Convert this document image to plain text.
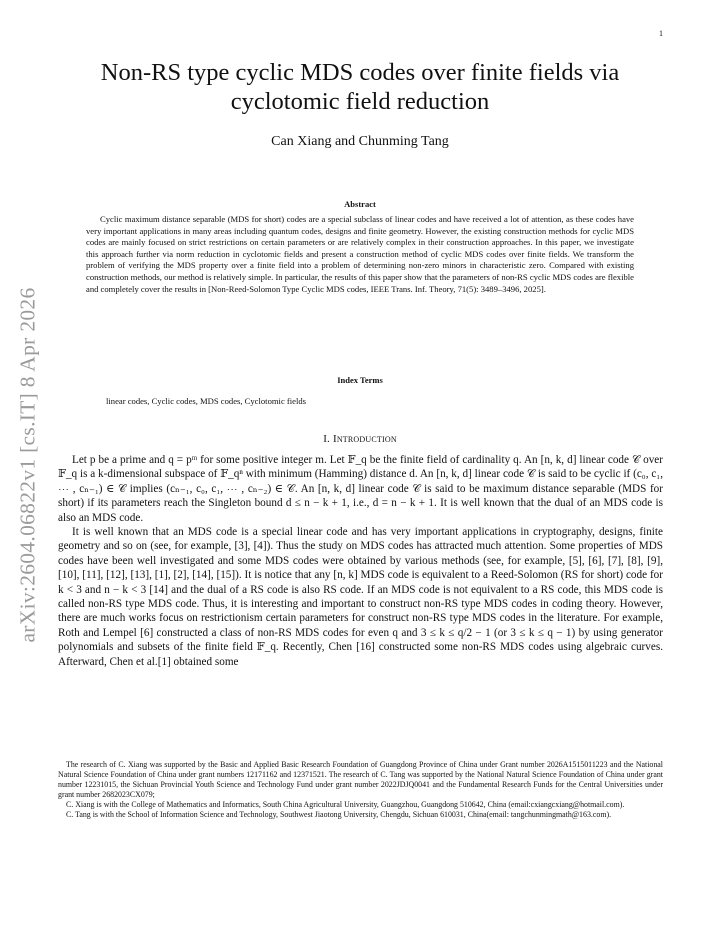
1
arXiv:2604.06822v1 [cs.IT] 8 Apr 2026
Non-RS type cyclic MDS codes over finite fields via cyclotomic field reduction
Can Xiang and Chunming Tang
Abstract
Cyclic maximum distance separable (MDS for short) codes are a special subclass of linear codes and have received a lot of attention, as these codes have very important applications in many areas including quantum codes, designs and finite geometry. However, the existing construction methods for cyclic MDS codes are mainly focused on strict restrictions on certain parameters or are relatively complex in their construction approaches. In this paper, we investigate this approach further via norm reduction in cyclotomic fields and present a construction method of cyclic MDS codes over finite fields. We transform the problem of verifying the MDS property over a finite field into a problem of determining non-zero minors in characteristic zero. Compared with existing construction methods, our method is relatively simple. In particular, the results of this paper show that the parameters of non-RS cyclic MDS codes are flexible and completely cover the results in [Non-Reed-Solomon Type Cyclic MDS codes, IEEE Trans. Inf. Theory, 71(5): 3489–3496, 2025].
Index Terms
linear codes, Cyclic codes, MDS codes, Cyclotomic fields
I. Introduction

Let p be a prime and q = pᵐ for some positive integer m. Let 𝔽_q be the finite field of cardinality q. An [n, k, d] linear code 𝒞 over 𝔽_q is a k-dimensional subspace of 𝔽_qⁿ with minimum (Hamming) distance d. An [n, k, d] linear code 𝒞 is said to be cyclic if (c₀, c₁, ⋯ , cₙ₋₁) ∈ 𝒞 implies (cₙ₋₁, c₀, c₁, ⋯ , cₙ₋₂) ∈ 𝒞. An [n, k, d] linear code 𝒞 is said to be maximum distance separable (MDS for short) if its parameters reach the Singleton bound d ≤ n − k + 1, i.e., d = n − k + 1. It is well known that the dual of an MDS code is also an MDS code.

It is well known that an MDS code is a special linear code and has very important applications in cryptography, designs, finite geometry and so on (see, for example, [3], [4]). Thus the study on MDS codes has attracted much attention. Some properties of MDS codes have been well investigated and some MDS codes were obtained by various methods (see, for example, [5], [6], [7], [8], [9], [10], [11], [12], [13], [1], [2], [14], [15]). It is notice that any [n, k] MDS code is equivalent to a Reed-Solomon (RS for short) code for k < 3 and n − k < 3 [14] and the dual of a RS code is also RS code. If an MDS code is not equivalent to a RS code, this MDS code is called non-RS type MDS code. Thus, it is interesting and important to construct non-RS type MDS codes in coding theory. However, there are much works focus on restrictionism certain parameters for construct non-RS type MDS codes in the literature. For example, Roth and Lempel [6] constructed a class of non-RS MDS codes for even q and 3 ≤ k ≤ q/2 − 1 (or 3 ≤ k ≤ q − 1) by using generator polynomials and subsets of the finite field 𝔽_q. Recently, Chen [16] constructed some non-RS MDS codes using algebraic curves. Afterward, Chen et al.[1] obtained some

The research of C. Xiang was supported by the Basic and Applied Basic Research Foundation of Guangdong Province of China under Grant number 2026A1515011223 and the National Natural Science Foundation of China under grant numbers 12171162 and 12371521. The research of C. Tang was supported by the National Natural Science Foundation of China under grant number 12231015, the Sichuan Provincial Youth Science and Technology Fund under grant number 2022JDJQ0041 and the Fundamental Research Funds for the Central Universities under grant number 2682023CX079;

C. Xiang is with the College of Mathematics and Informatics, South China Agricultural University, Guangzhou, Guangdong 510642, China (email:cxiangcxiang@hotmail.com).

C. Tang is with the School of Information Science and Technology, Southwest Jiaotong University, Chengdu, Sichuan 610031, China(email: tangchunmingmath@163.com).
